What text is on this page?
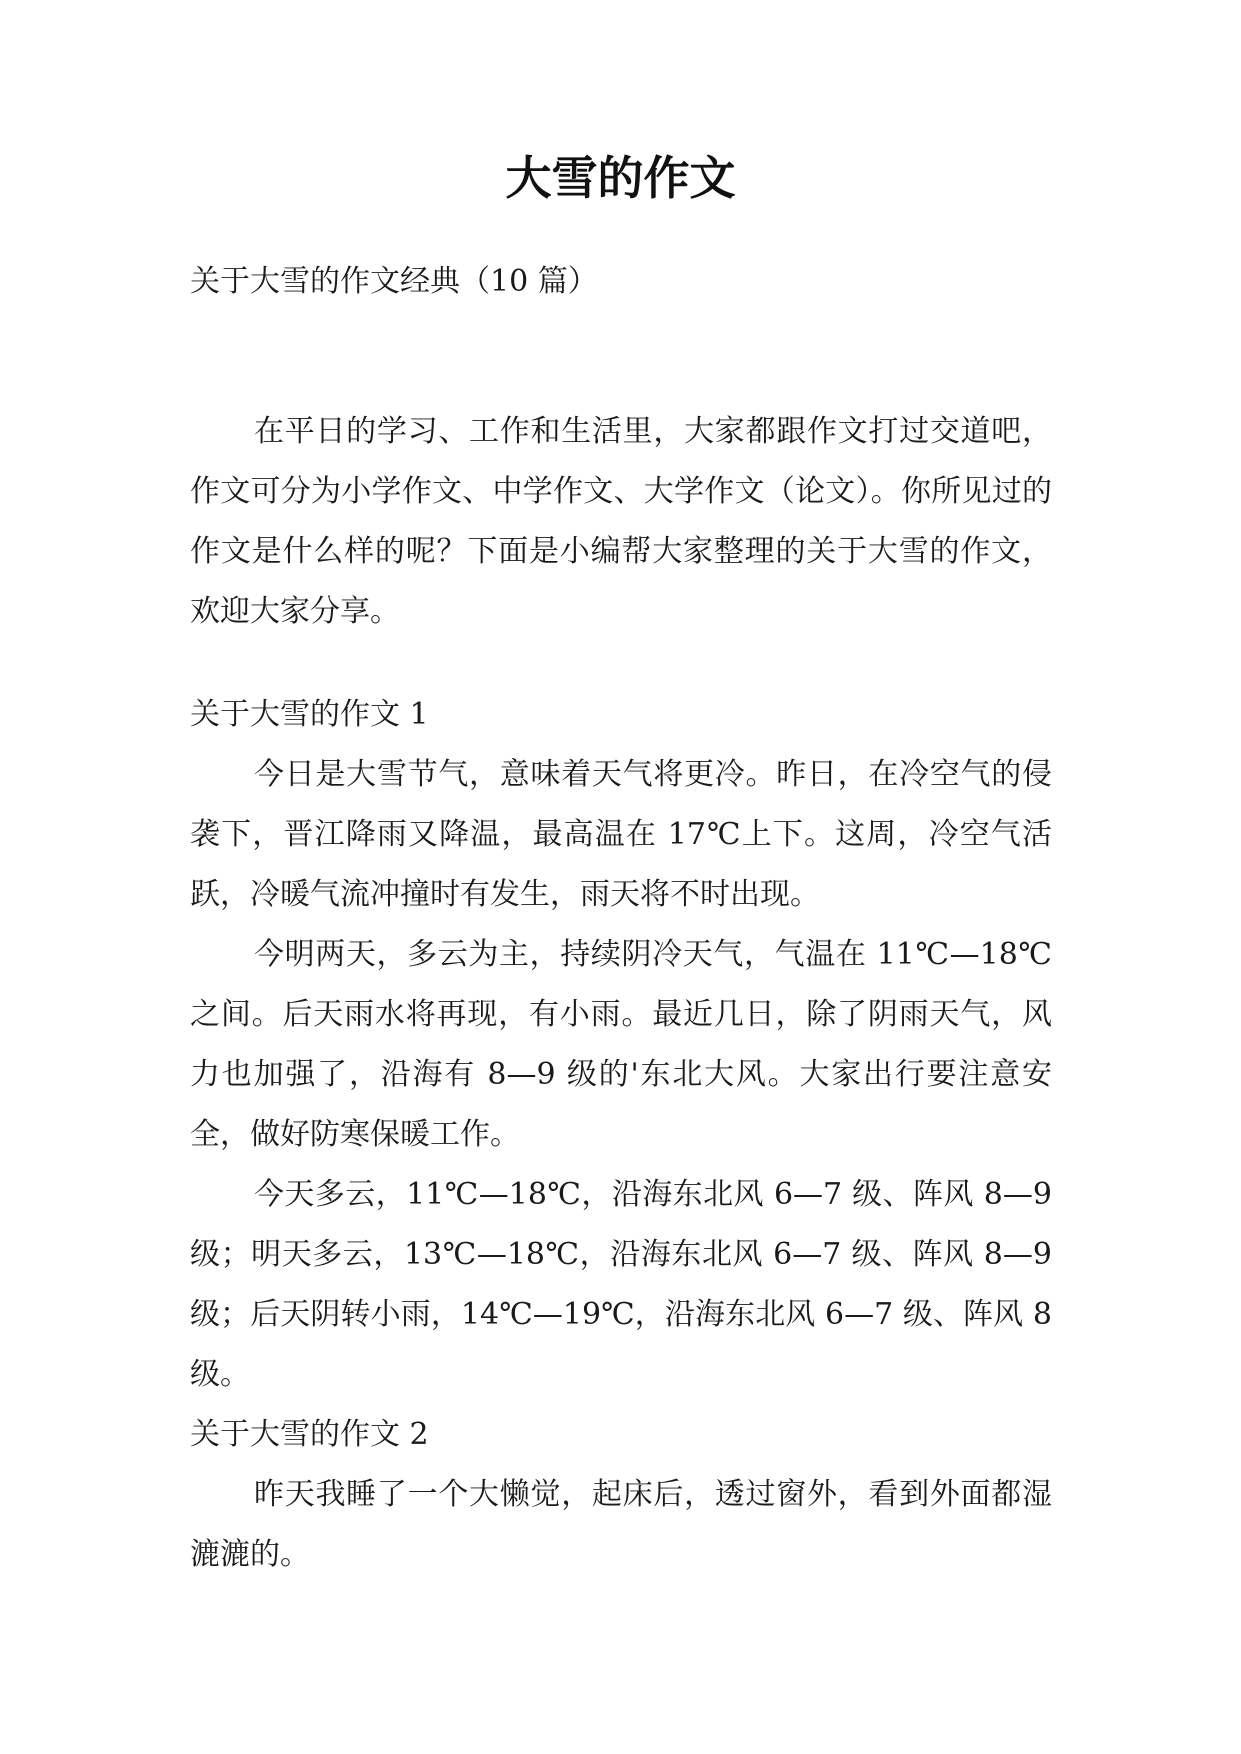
大雪的作文

关于大雪的作文经典（10 篇）

在平日的学习、工作和生活里，大家都跟作文打过交道吧，作文可分为小学作文、中学作文、大学作文（论文）。你所见过的作文是什么样的呢？下面是小编帮大家整理的关于大雪的作文，欢迎大家分享。

关于大雪的作文 1

今日是大雪节气，意味着天气将更冷。昨日，在冷空气的侵袭下，晋江降雨又降温，最高温在 17℃上下。这周，冷空气活跃，冷暖气流冲撞时有发生，雨天将不时出现。

今明两天，多云为主，持续阴冷天气，气温在 11℃—18℃之间。后天雨水将再现，有小雨。最近几日，除了阴雨天气，风力也加强了，沿海有 8—9 级的'东北大风。大家出行要注意安全，做好防寒保暖工作。

今天多云，11℃—18℃，沿海东北风 6—7 级、阵风 8—9 级；明天多云，13℃—18℃，沿海东北风 6—7 级、阵风 8—9 级；后天阴转小雨，14℃—19℃，沿海东北风 6—7 级、阵风 8 级。

关于大雪的作文 2

昨天我睡了一个大懒觉，起床后，透过窗外，看到外面都湿漉漉的。
